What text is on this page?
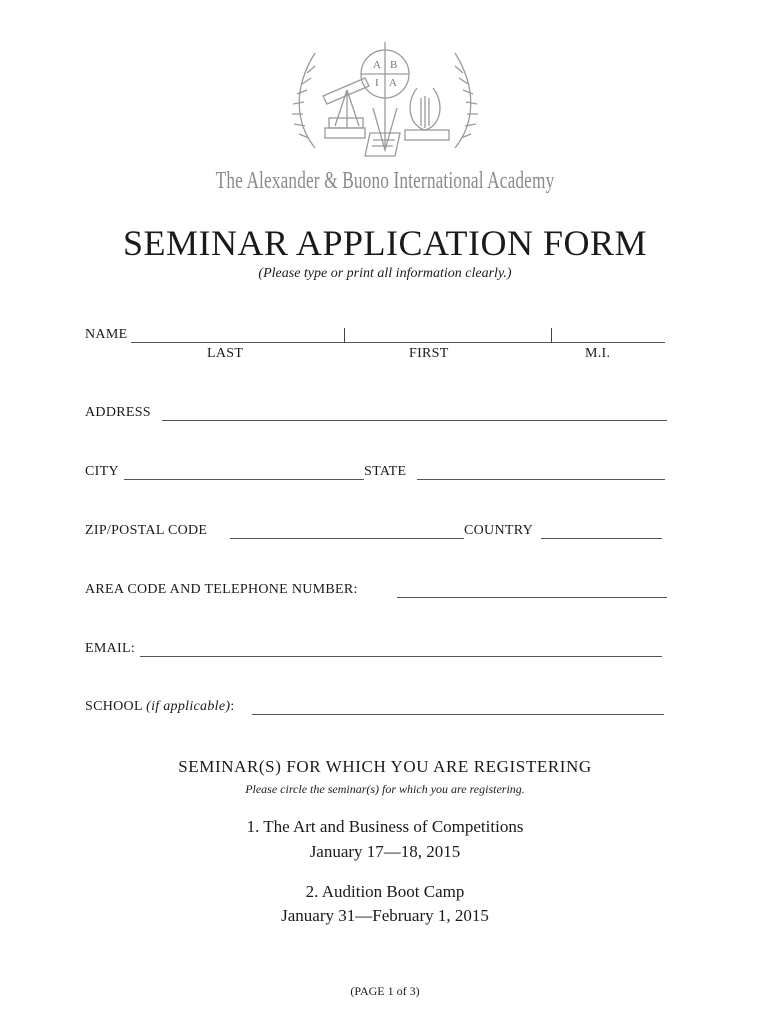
A B
I A
The Alexander & Buono International Academy
SEMINAR APPLICATION FORM
(Please type or print all information clearly.)
NAME
LAST	FIRST	M.I.
ADDRESS
CITY	STATE
ZIP/POSTAL CODE	COUNTRY
AREA CODE AND TELEPHONE NUMBER:
EMAIL:
SCHOOL (if applicable):
SEMINAR(S) FOR WHICH YOU ARE REGISTERING
Please circle the seminar(s) for which you are registering.
1. The Art and Business of Competitions
January 17—18, 2015
2. Audition Boot Camp
January 31—February 1, 2015
(PAGE 1 of 3)
